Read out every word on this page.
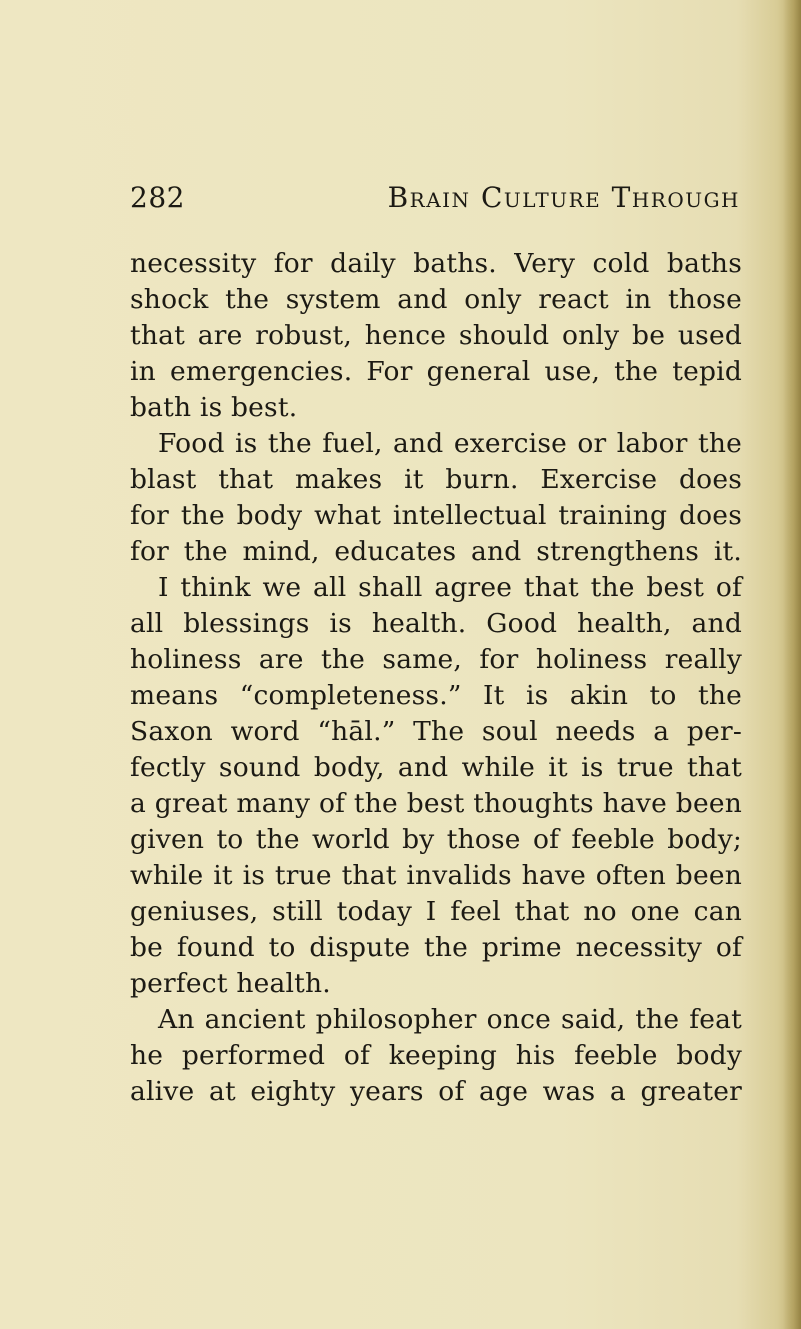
282	Brain Culture Through
necessity for daily baths. Very cold baths
shock the system and only react in those
that are robust, hence should only be used
in emergencies. For general use, the tepid
bath is best.
Food is the fuel, and exercise or labor the
blast that makes it burn. Exercise does
for the body what intellectual training does
for the mind, educates and strengthens it.
I think we all shall agree that the best of
all blessings is health. Good health, and
holiness are the same, for holiness really
means “completeness.” It is akin to the
Saxon word “hāl.” The soul needs a per-
fectly sound body, and while it is true that
a great many of the best thoughts have been
given to the world by those of feeble body;
while it is true that invalids have often been
geniuses, still today I feel that no one can
be found to dispute the prime necessity of
perfect health.
An ancient philosopher once said, the feat
he performed of keeping his feeble body
alive at eighty years of age was a greater
